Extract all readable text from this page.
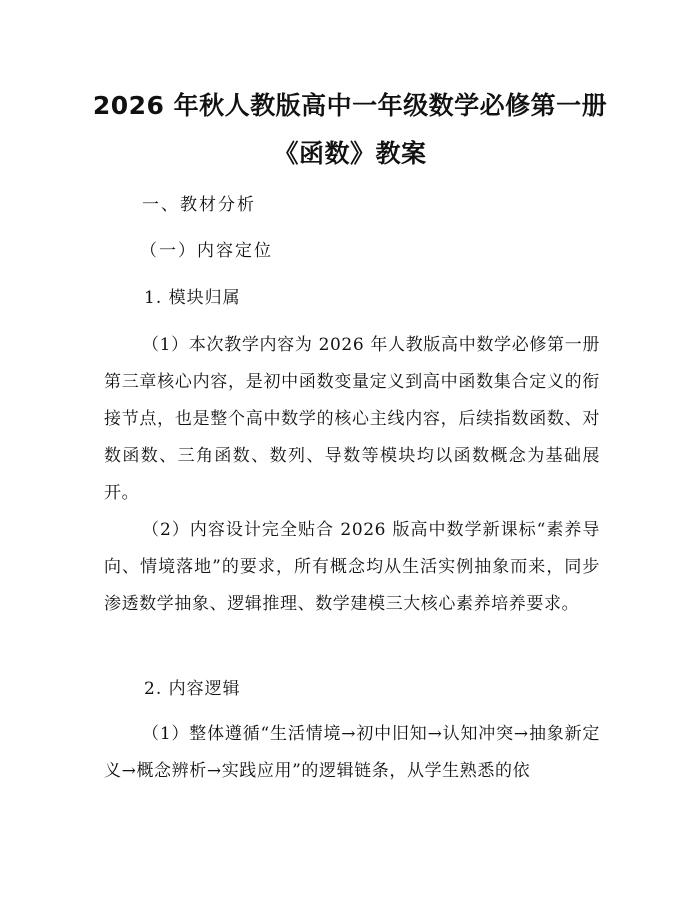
2026 年秋人教版高中一年级数学必修第一册
《函数》教案
一、教材分析
（一）内容定位
1. 模块归属
（1）本次教学内容为 2026 年人教版高中数学必修第一册第三章核心内容，是初中函数变量定义到高中函数集合定义的衔接节点，也是整个高中数学的核心主线内容，后续指数函数、对数函数、三角函数、数列、导数等模块均以函数概念为基础展开。
（2）内容设计完全贴合 2026 版高中数学新课标“素养导向、情境落地”的要求，所有概念均从生活实例抽象而来，同步渗透数学抽象、逻辑推理、数学建模三大核心素养培养要求。
2. 内容逻辑
（1）整体遵循“生活情境→初中旧知→认知冲突→抽象新定义→概念辨析→实践应用”的逻辑链条，从学生熟悉的依
